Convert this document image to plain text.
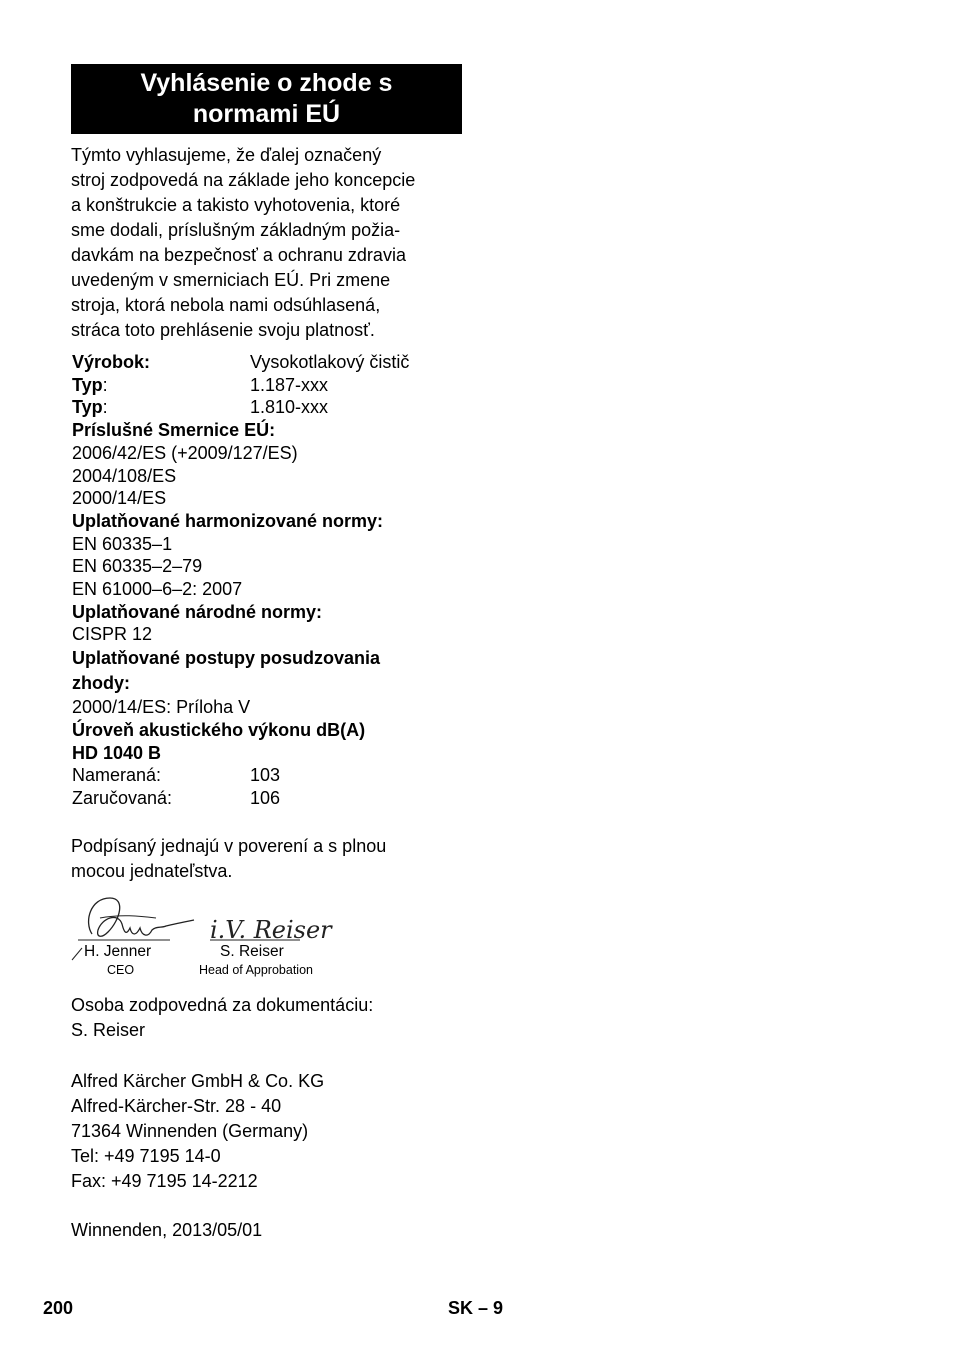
Vyhlásenie o zhode s normami EÚ
Týmto vyhlasujeme, že ďalej označený
stroj zodpovedá na základe jeho koncepcie
a konštrukcie a takisto vyhotovenia, ktoré
sme dodali, príslušným základným požia-
davkám na bezpečnosť a ochranu zdravia
uvedeným v smerniciach EÚ. Pri zmene
stroja, ktorá nebola nami odsúhlasená,
stráca toto prehlásenie svoju platnosť.
Výrobok:	Vysokotlakový čistič
Typ:	1.187-xxx
Typ:	1.810-xxx
Príslušné Smernice EÚ:
2006/42/ES (+2009/127/ES)
2004/108/ES
2000/14/ES
Uplatňované harmonizované normy:
EN 60335–1
EN 60335–2–79
EN 61000–6–2: 2007
Uplatňované národné normy:
CISPR 12
Uplatňované postupy posudzovania
zhody:
2000/14/ES: Príloha V
Úroveň akustického výkonu dB(A)
HD 1040 B
Nameraná:	103
Zaručovaná:	106
Podpísaný jednajú v poverení a s plnou
mocou jednateľstva.
i.V. Reiser
H. Jenner
CEO
S. Reiser
Head of Approbation
Osoba zodpovedná za dokumentáciu:
S. Reiser
Alfred Kärcher GmbH & Co. KG
Alfred-Kärcher-Str. 28 - 40
71364 Winnenden (Germany)
Tel: +49 7195 14-0
Fax: +49 7195 14-2212
Winnenden, 2013/05/01
200	SK – 9
